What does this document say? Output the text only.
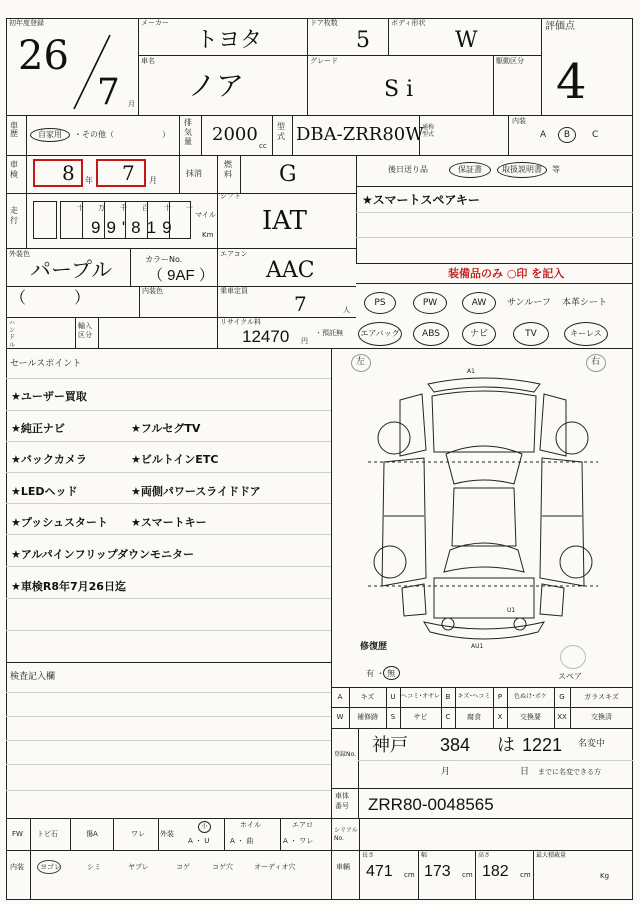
初年度登録
26
7 月
メーカー
トヨタ
ドア枚数
5
ボディ形状
W
評価点
4
車名
ノア
グレード
S i
駆動区分
車歴	自家用	・その他（　　　　　　）
排気量 2000
cc
型式 DBA-ZRR80W
通称型式
内装
A	B	C
車検 8 年 7 月
抹消
燃料 G	後日送り品	保証書	取扱説明書	等
走行
十 万 千 百 十 一
99'819
マイル
Km
シフト
IAT
★スマートスペアキー
外装色
パープル	カラーNo.
（ 9AF ）
エアコン
AAC	装備品のみ ○印 を記入
（　　　）	内装色	乗車定員
7	人
PS	PW	AW	サンルーフ 本革シート
エアバッグ	ABS	ナビ	TV	キーレス
ハンドル
輸入区分
リサイクル料
12470 円
・預託無
セールスポイント
★ユーザー買取
★純正ナビ	★フルセグTV
★バックカメラ	★ビルトインETC
★LEDヘッド	★両側パワースライドドア
★プッシュスタート ★スマートキー
★アルパインフリップダウンモニター
★車検R8年7月26日迄
検査記入欄
左	右
A1
U1
AU1
修復歴
有 ・ 無	スペア
A	キズ	U ヘコミ･オサレ B	キズ･ヘコミ	P	色ぬけ･ボケ	G	ガラスキズ
W	補修跡	S	サビ	C	腐食	X	交換要	XX	交換済
登録No. 神戸 384 は 1221 名変中
月	日 までに名変できる方
車体番号	ZRR80-0048565
FW トビ石	傷A	ワレ 外装
小
A ・ U
ホイル
A ・ 曲
エアロ
A ・ ワレ
シリアルNo.
内装 ヨゴレ	シミ	ヤブレ	コゲ	コゲ穴	オーディオ穴	車輌
長さ
471 cm
幅
173 cm
高さ
182 cm
最大積載量
Kg
